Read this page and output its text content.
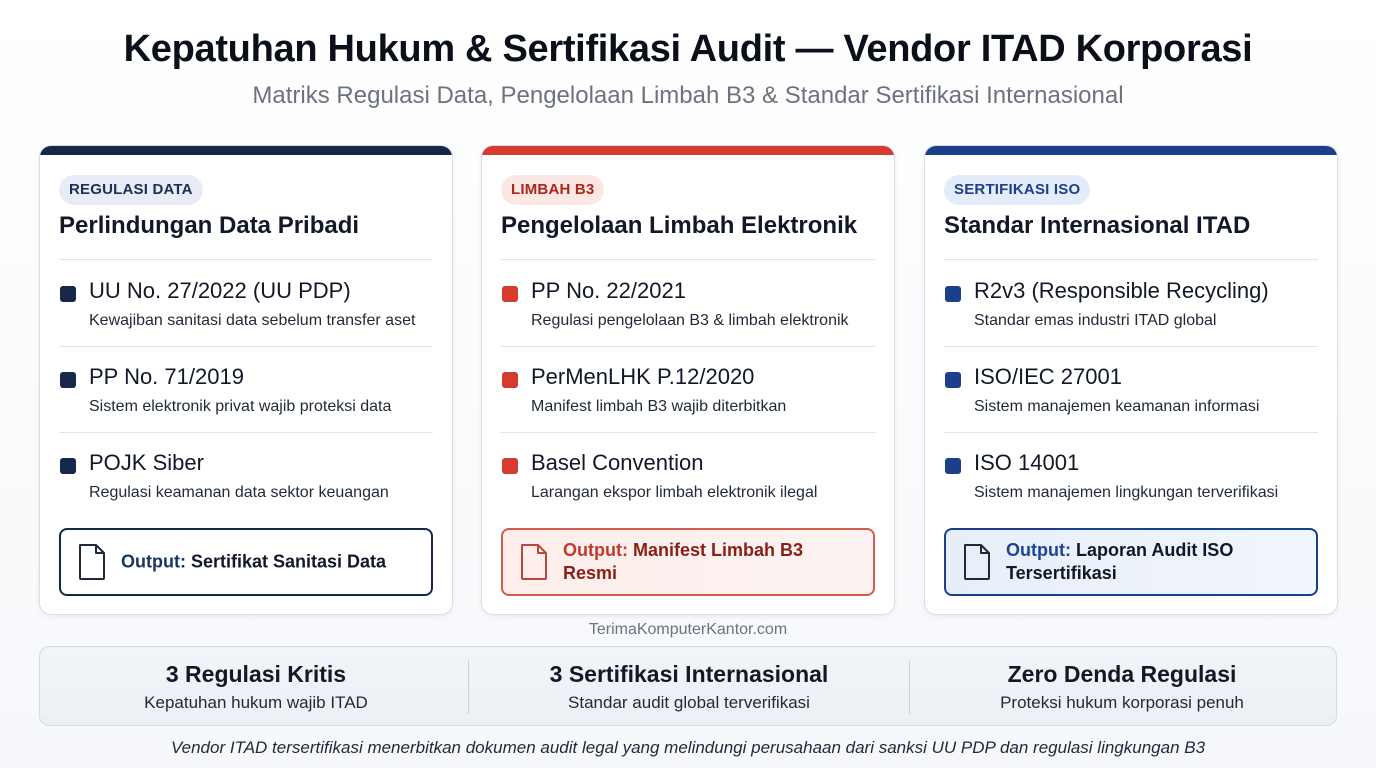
Kepatuhan Hukum & Sertifikasi Audit — Vendor ITAD Korporasi
Matriks Regulasi Data, Pengelolaan Limbah B3 & Standar Sertifikasi Internasional
REGULASI DATA
Perlindungan Data Pribadi
UU No. 27/2022 (UU PDP)
Kewajiban sanitasi data sebelum transfer aset
PP No. 71/2019
Sistem elektronik privat wajib proteksi data
POJK Siber
Regulasi keamanan data sektor keuangan
Output: Sertifikat Sanitasi Data
LIMBAH B3
Pengelolaan Limbah Elektronik
PP No. 22/2021
Regulasi pengelolaan B3 & limbah elektronik
PerMenLHK P.12/2020
Manifest limbah B3 wajib diterbitkan
Basel Convention
Larangan ekspor limbah elektronik ilegal
Output: Manifest Limbah B3 Resmi
SERTIFIKASI ISO
Standar Internasional ITAD
R2v3 (Responsible Recycling)
Standar emas industri ITAD global
ISO/IEC 27001
Sistem manajemen keamanan informasi
ISO 14001
Sistem manajemen lingkungan terverifikasi
Output: Laporan Audit ISO Tersertifikasi
TerimaKomputerKantor.com
3 Regulasi Kritis
Kepatuhan hukum wajib ITAD
3 Sertifikasi Internasional
Standar audit global terverifikasi
Zero Denda Regulasi
Proteksi hukum korporasi penuh
Vendor ITAD tersertifikasi menerbitkan dokumen audit legal yang melindungi perusahaan dari sanksi UU PDP dan regulasi lingkungan B3
